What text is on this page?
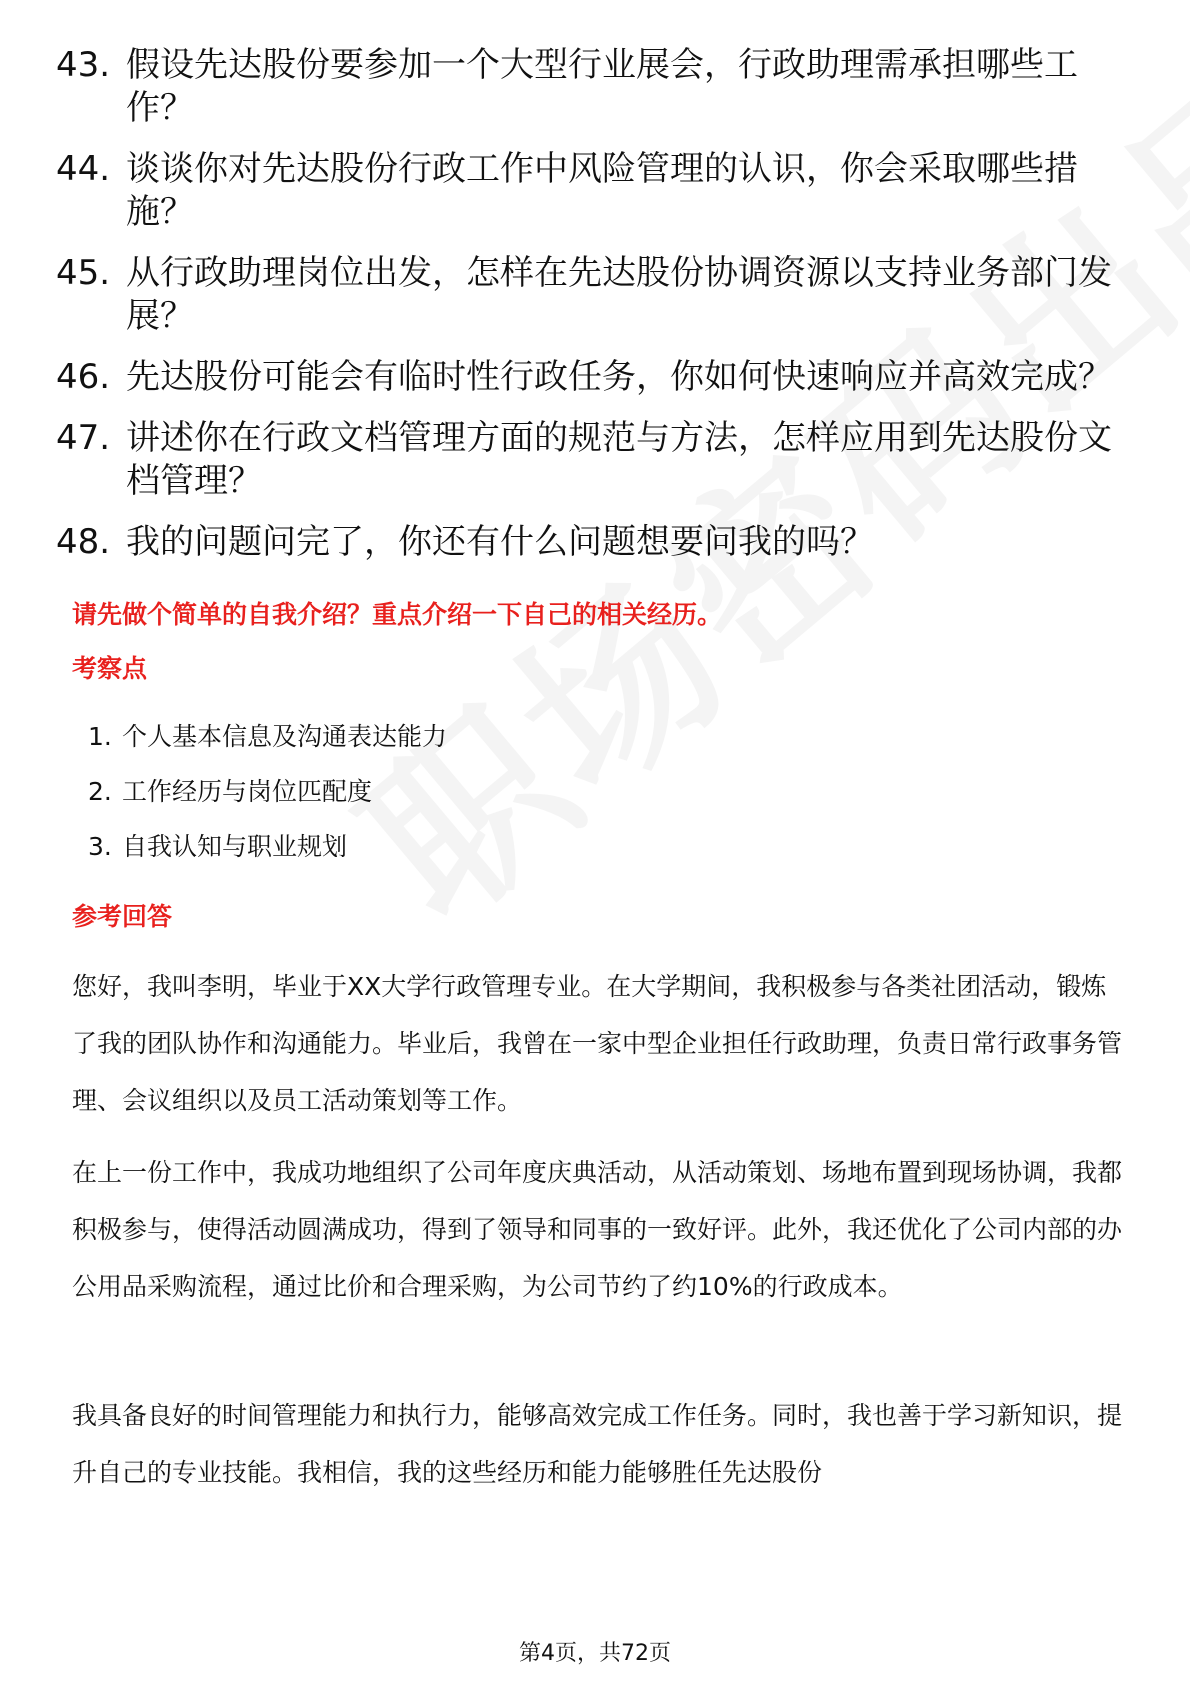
43. 假设先达股份要参加一个大型行业展会，行政助理需承担哪些工作？
44. 谈谈你对先达股份行政工作中风险管理的认识，你会采取哪些措施？
45. 从行政助理岗位出发，怎样在先达股份协调资源以支持业务部门发展？
46. 先达股份可能会有临时性行政任务，你如何快速响应并高效完成？
47. 讲述你在行政文档管理方面的规范与方法，怎样应用到先达股份文档管理？
48. 我的问题问完了，你还有什么问题想要问我的吗？
请先做个简单的自我介绍？重点介绍一下自己的相关经历。
考察点
1. 个人基本信息及沟通表达能力
2. 工作经历与岗位匹配度
3. 自我认知与职业规划
参考回答

您好，我叫李明，毕业于XX大学行政管理专业。在大学期间，我积极参与各类社团活动，锻炼了我的团队协作和沟通能力。毕业后，我曾在一家中型企业担任行政助理，负责日常行政事务管理、会议组织以及员工活动策划等工作。

在上一份工作中，我成功地组织了公司年度庆典活动，从活动策划、场地布置到现场协调，我都积极参与，使得活动圆满成功，得到了领导和同事的一致好评。此外，我还优化了公司内部的办公用品采购流程，通过比价和合理采购，为公司节约了约10%的行政成本。

我具备良好的时间管理能力和执行力，能够高效完成工作任务。同时，我也善于学习新知识，提升自己的专业技能。我相信，我的这些经历和能力能够胜任先达股份

第4页，共72页
